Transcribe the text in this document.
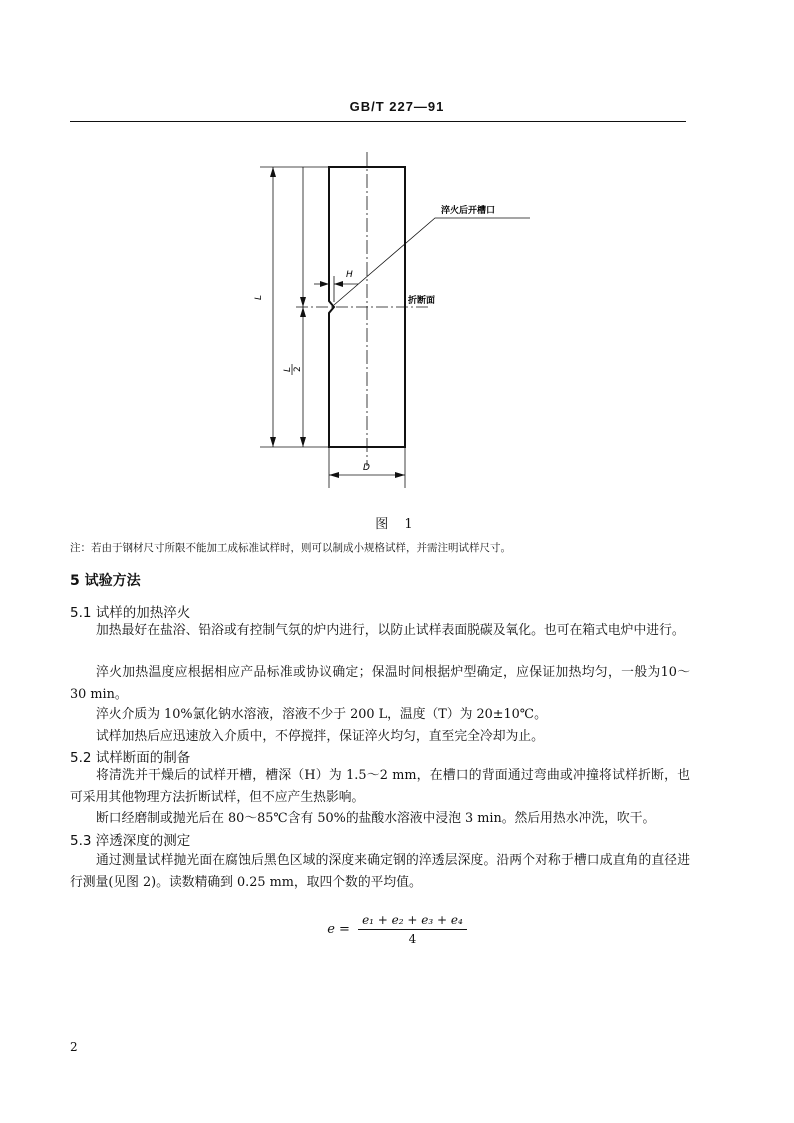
GB/T 227—91
淬火后开槽口
折断面
H
L
L 2
D
图 1
注：若由于钢材尺寸所限不能加工成标准试样时，则可以制成小规格试样，并需注明试样尺寸。
5 试验方法
5.1 试样的加热淬火
加热最好在盐浴、铅浴或有控制气氛的炉内进行，以防止试样表面脱碳及氧化。也可在箱式电炉中进行。
淬火加热温度应根据相应产品标准或协议确定；保温时间根据炉型确定，应保证加热均匀，一般为10～30 min。
淬火介质为 10%氯化钠水溶液，溶液不少于 200 L，温度（T）为 20±10℃。
试样加热后应迅速放入介质中，不停搅拌，保证淬火均匀，直至完全冷却为止。
5.2 试样断面的制备
将清洗并干燥后的试样开槽，槽深（H）为 1.5～2 mm，在槽口的背面通过弯曲或冲撞将试样折断，也可采用其他物理方法折断试样，但不应产生热影响。
断口经磨制或抛光后在 80～85℃含有 50%的盐酸水溶液中浸泡 3 min。然后用热水冲洗，吹干。
5.3 淬透深度的测定
通过测量试样抛光面在腐蚀后黑色区域的深度来确定钢的淬透层深度。沿两个对称于槽口成直角的直径进行测量(见图 2)。读数精确到 0.25 mm，取四个数的平均值。
$e = \frac{\text{e₁ + e₂ + e₃ + e₄}}{4}$
2
